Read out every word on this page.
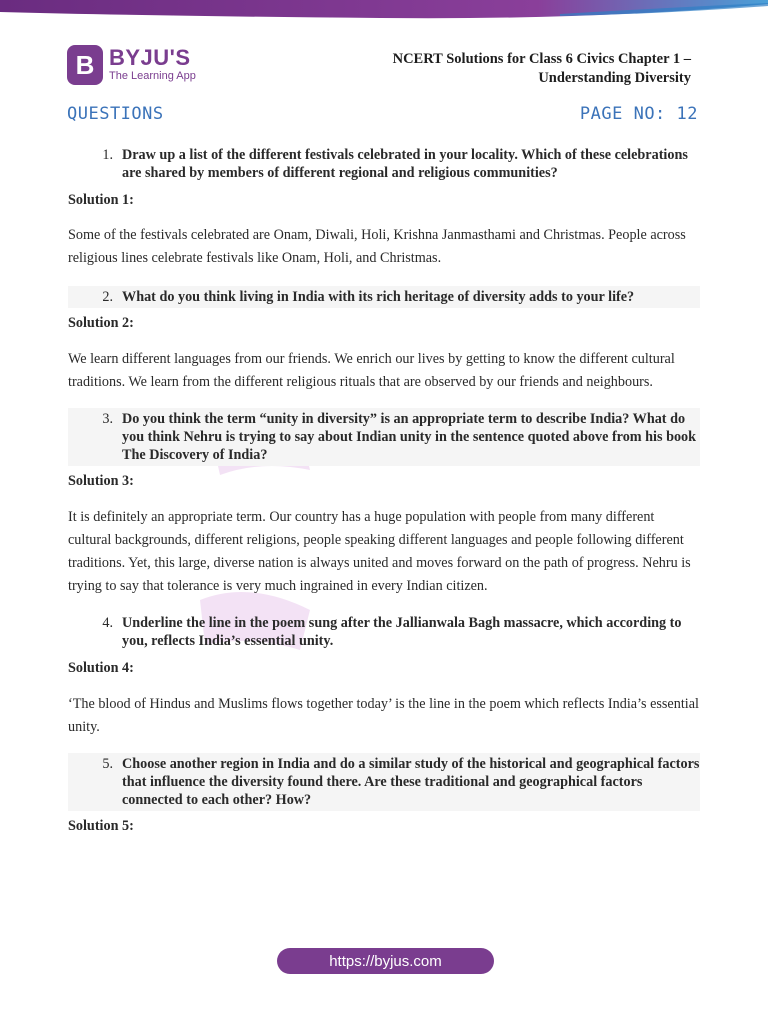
B BYJU'S
The Learning App
NCERT Solutions for Class 6 Civics Chapter 1 –
Understanding Diversity
QUESTIONS	PAGE NO: 12
1. Draw up a list of the different festivals celebrated in your locality. Which of these celebrations are shared by members of different regional and religious communities?
Solution 1:
Some of the festivals celebrated are Onam, Diwali, Holi, Krishna Janmasthami and Christmas. People across religious lines celebrate festivals like Onam, Holi, and Christmas.
2. What do you think living in India with its rich heritage of diversity adds to your life?
Solution 2:
We learn different languages from our friends. We enrich our lives by getting to know the different cultural traditions. We learn from the different religious rituals that are observed by our friends and neighbours.
3. Do you think the term “unity in diversity” is an appropriate term to describe India? What do you think Nehru is trying to say about Indian unity in the sentence quoted above from his book The Discovery of India?
Solution 3:
It is definitely an appropriate term. Our country has a huge population with people from many different cultural backgrounds, different religions, people speaking different languages and people following different traditions. Yet, this large, diverse nation is always united and moves forward on the path of progress. Nehru is trying to say that tolerance is very much ingrained in every Indian citizen.
4. Underline the line in the poem sung after the Jallianwala Bagh massacre, which according to you, reflects India’s essential unity.
Solution 4:
‘The blood of Hindus and Muslims flows together today’ is the line in the poem which reflects India’s essential unity.
5. Choose another region in India and do a similar study of the historical and geographical factors that influence the diversity found there. Are these traditional and geographical factors connected to each other? How?
Solution 5:
https://byjus.com
